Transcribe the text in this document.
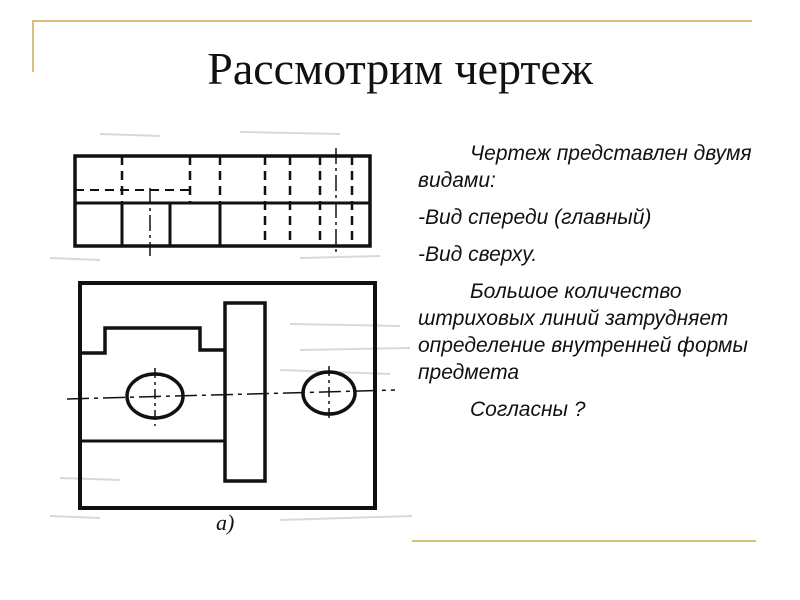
Рассмотрим чертеж
а)

Чертеж представлен двумя видами:

-Вид спереди (главный)

-Вид сверху.

Большое количество штриховых линий затрудняет определение внутренней формы предмета

Согласны ?
